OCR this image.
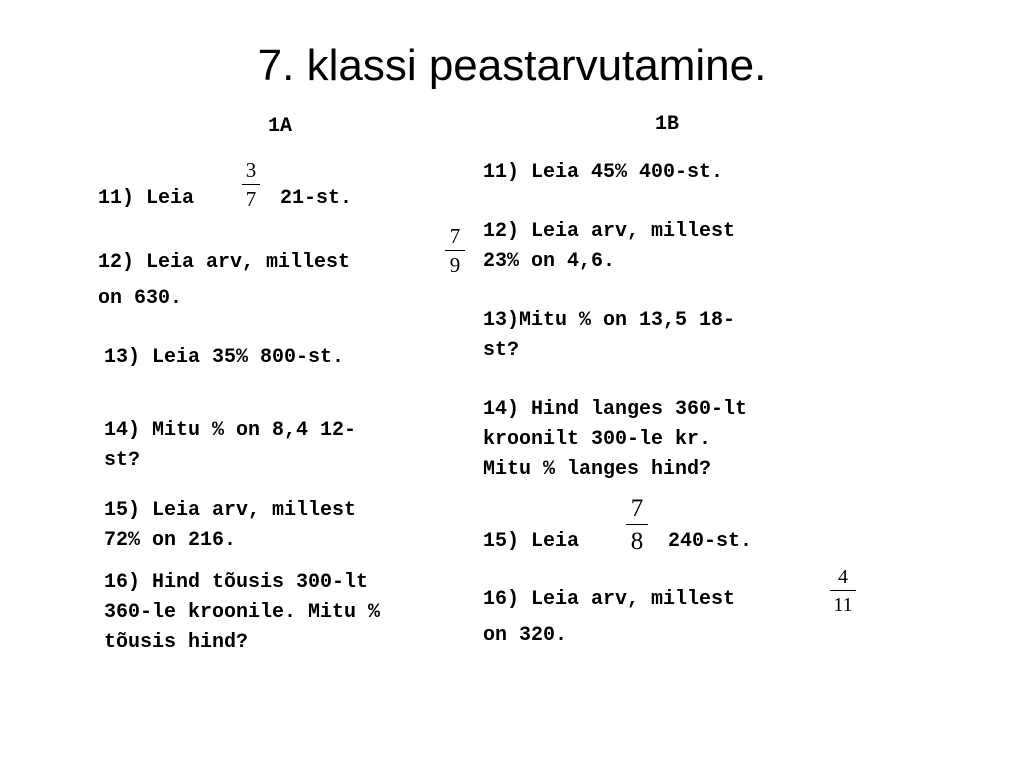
7. klassi peastarvutamine.
1A
11) Leia
3
7 21-st.
12) Leia arv, millest
7
9
on 630.
13) Leia 35% 800-st.
14) Mitu % on 8,4 12-
st?
15) Leia arv, millest
72% on 216.
16) Hind tõusis 300-lt
360-le kroonile. Mitu %
tõusis hind?
1B
11) Leia 45% 400-st.
12) Leia arv, millest
23% on 4,6.
13)Mitu % on 13,5 18-
st?
14) Hind langes 360-lt
kroonilt 300-le kr.
Mitu % langes hind?
15) Leia
7
8 240-st.
16) Leia arv, millest
4
11
on 320.
